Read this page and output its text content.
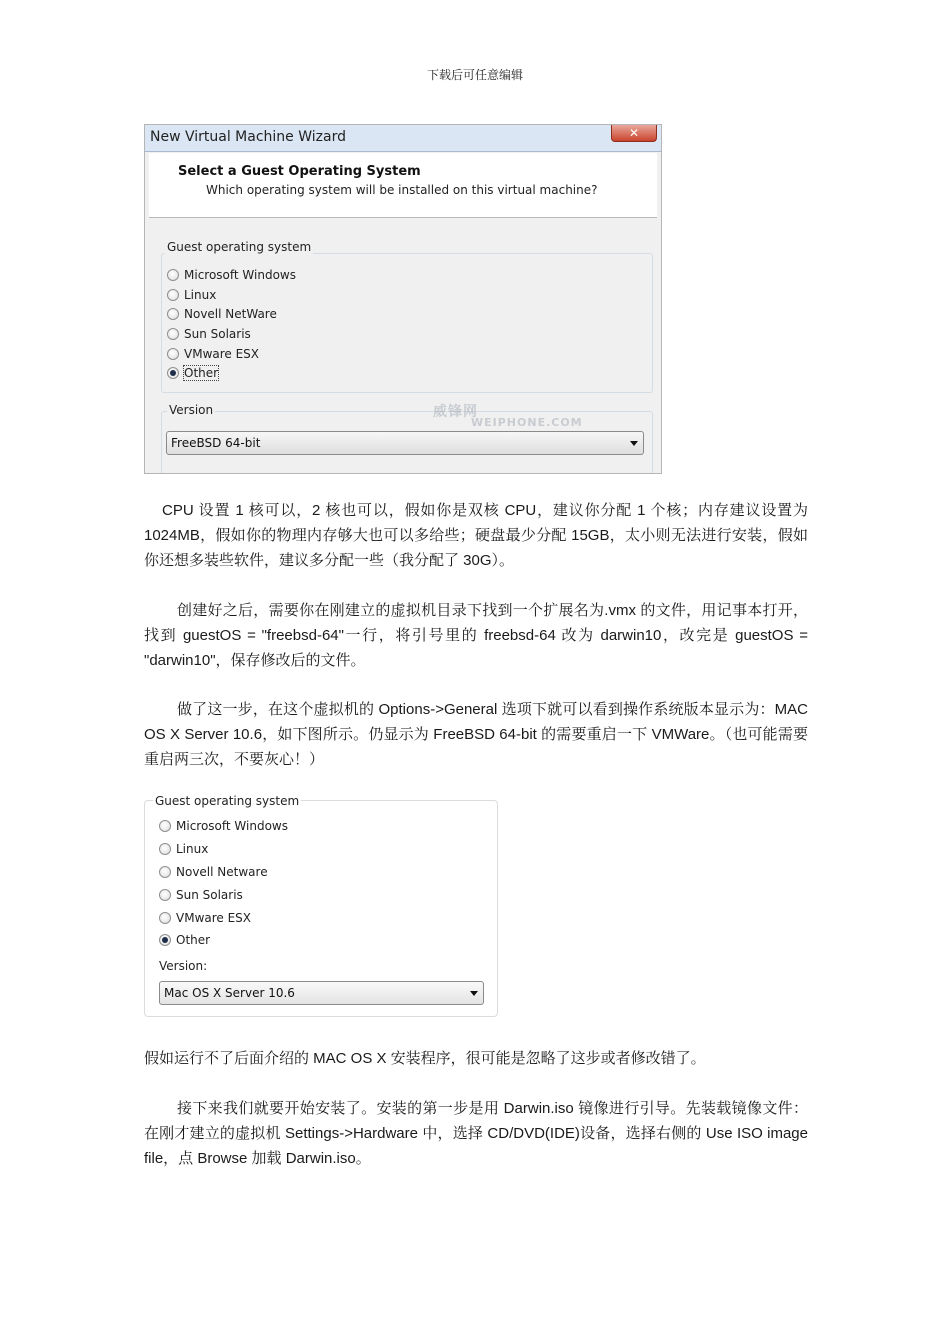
下载后可任意编辑
New Virtual Machine Wizard	✕
Select a Guest Operating System
Which operating system will be installed on this virtual machine?
Guest operating system
Microsoft Windows
Linux
Novell NetWare
Sun Solaris
VMware ESX
Other
Version	威锋网
WEIPHONE.COM
FreeBSD 64-bit
CPU 设置 1 核可以，2 核也可以，假如你是双核 CPU，建议你分配 1 个核；内存建议设置为 1024MB，假如你的物理内存够大也可以多给些；硬盘最少分配 15GB，太小则无法进行安装，假如你还想多装些软件，建议多分配一些（我分配了 30G）。
创建好之后，需要你在刚建立的虚拟机目录下找到一个扩展名为.vmx 的文件，用记事本打开，找到 guestOS = "freebsd-64"一行，将引号里的 freebsd-64 改为 darwin10，改完是 guestOS = "darwin10"，保存修改后的文件。
做了这一步，在这个虚拟机的 Options->General 选项下就可以看到操作系统版本显示为：MAC OS X Server 10.6，如下图所示。仍显示为 FreeBSD 64-bit 的需要重启一下 VMWare。（也可能需要重启两三次，不要灰心！）
Guest operating system
Microsoft Windows
Linux
Novell Netware
Sun Solaris
VMware ESX
Other
Version:
Mac OS X Server 10.6
假如运行不了后面介绍的 MAC OS X 安装程序，很可能是忽略了这步或者修改错了。
接下来我们就要开始安装了。安装的第一步是用 Darwin.iso 镜像进行引导。先装载镜像文件：在刚才建立的虚拟机 Settings->Hardware 中，选择 CD/DVD(IDE)设备，选择右侧的 Use ISO image file，点 Browse 加载 Darwin.iso。
